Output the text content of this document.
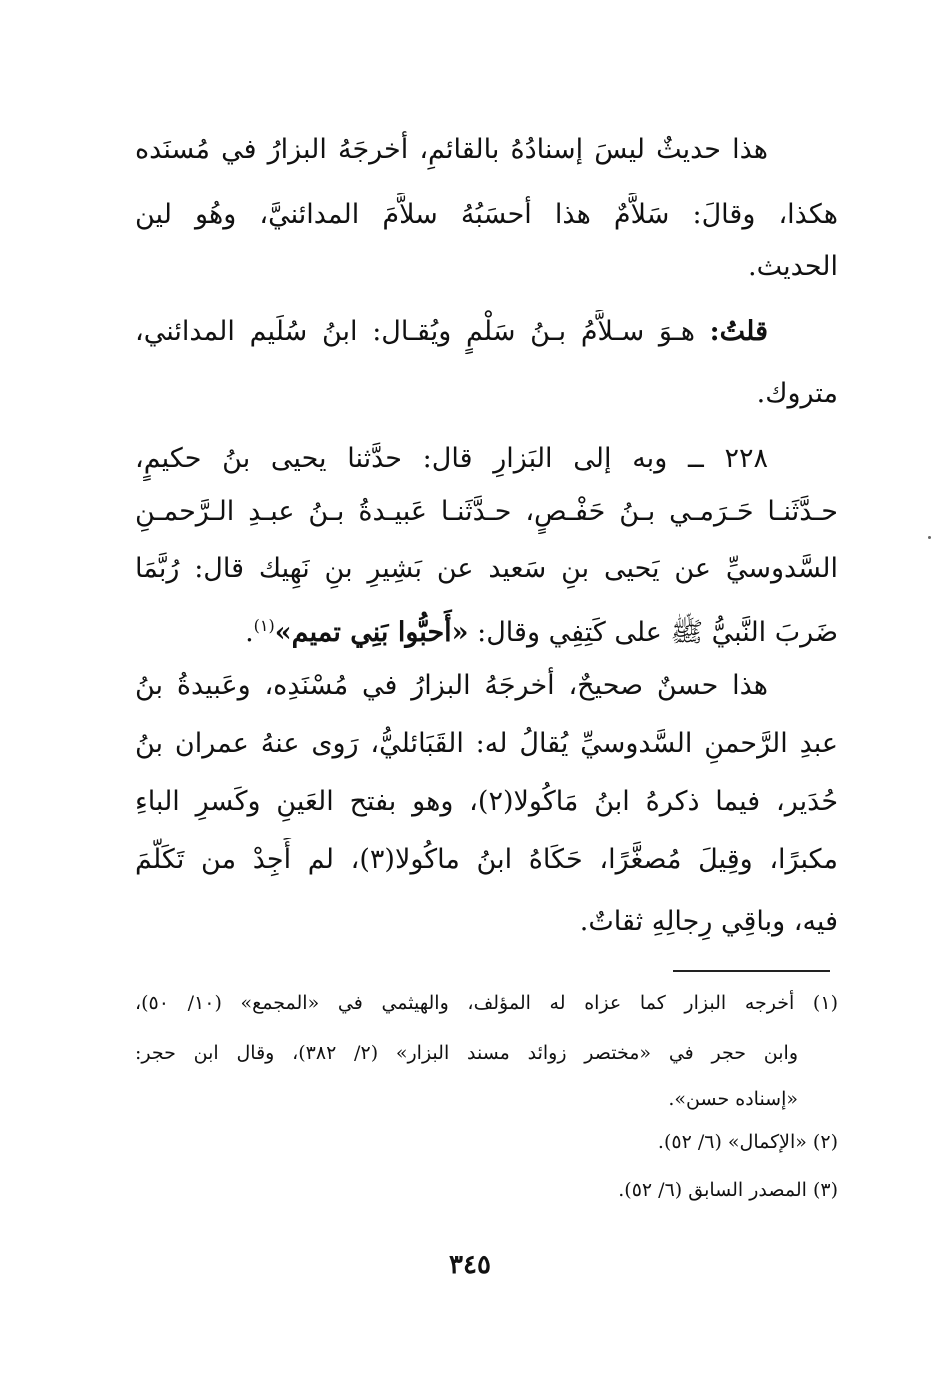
هذا حديثٌ ليسَ إسنادُهُ بالقائمِ، أخرجَهُ البزارُ في مُسنَده
هكذا، وقالَ: سَلاَّمٌ هذا أحسَبُهُ سلاَّمَ المدائنيَّ، وهُو لين
الحديث.
قلتُ: هـوَ سـلاَّمُ بـنُ سَلْمٍ ويُقـال: ابنُ سُلَيم المدائني،
متروك.
٢٢٨ ــ وبه إلى البَزارِ قال: حدَّثنا يحيى بنُ حكيمٍ،
حـدَّثَنـا حَـرَمـي بـنُ حَفْـصٍ، حـدَّثَنـا عَبيـدةُ بـنُ عبـدِ الـرَّحمـنِ
السَّدوسيِّ عن يَحيى بنِ سَعيد عن بَشِيرِ بنِ نَهِيك قال: رُبَّمَا
ضَربَ النَّبيُّ ﷺ على كَتِفِي وقال: «أَحبُّوا بَنِي تميمٍ»$^{(١)}$.
هذا حسنٌ صحيحٌ، أخرجَهُ البزارُ في مُسْنَدِه، وعَبيدةُ بنُ
عبدِ الرَّحمنِ السَّدوسيِّ يُقالُ له: القَبَائليُّ، رَوى عنهُ عمران بنُ
حُدَير، فيما ذكرهُ ابنُ مَاكُولا(٢)، وهو بفتح العَينِ وكَسرِ الباءِ
مكبرًا، وقِيلَ مُصغَّرًا، حَكَاهُ ابنُ ماكُولا(٣)، لم أَجِدْ من تَكَلَّمَ
فيه، وباقِي رِجالِهِ ثقاتٌ.
(١) أخرجه البزار كما عزاه له المؤلف، والهيثمي في «المجمع» (١٠/ ٥٠)،
وابن حجر في «مختصر زوائد مسند البزار» (٢/ ٣٨٢)، وقال ابن حجر:
«إسناده حسن».
(٢) «الإكمال» (٦/ ٥٢).
(٣) المصدر السابق (٦/ ٥٢).
٣٤٥
